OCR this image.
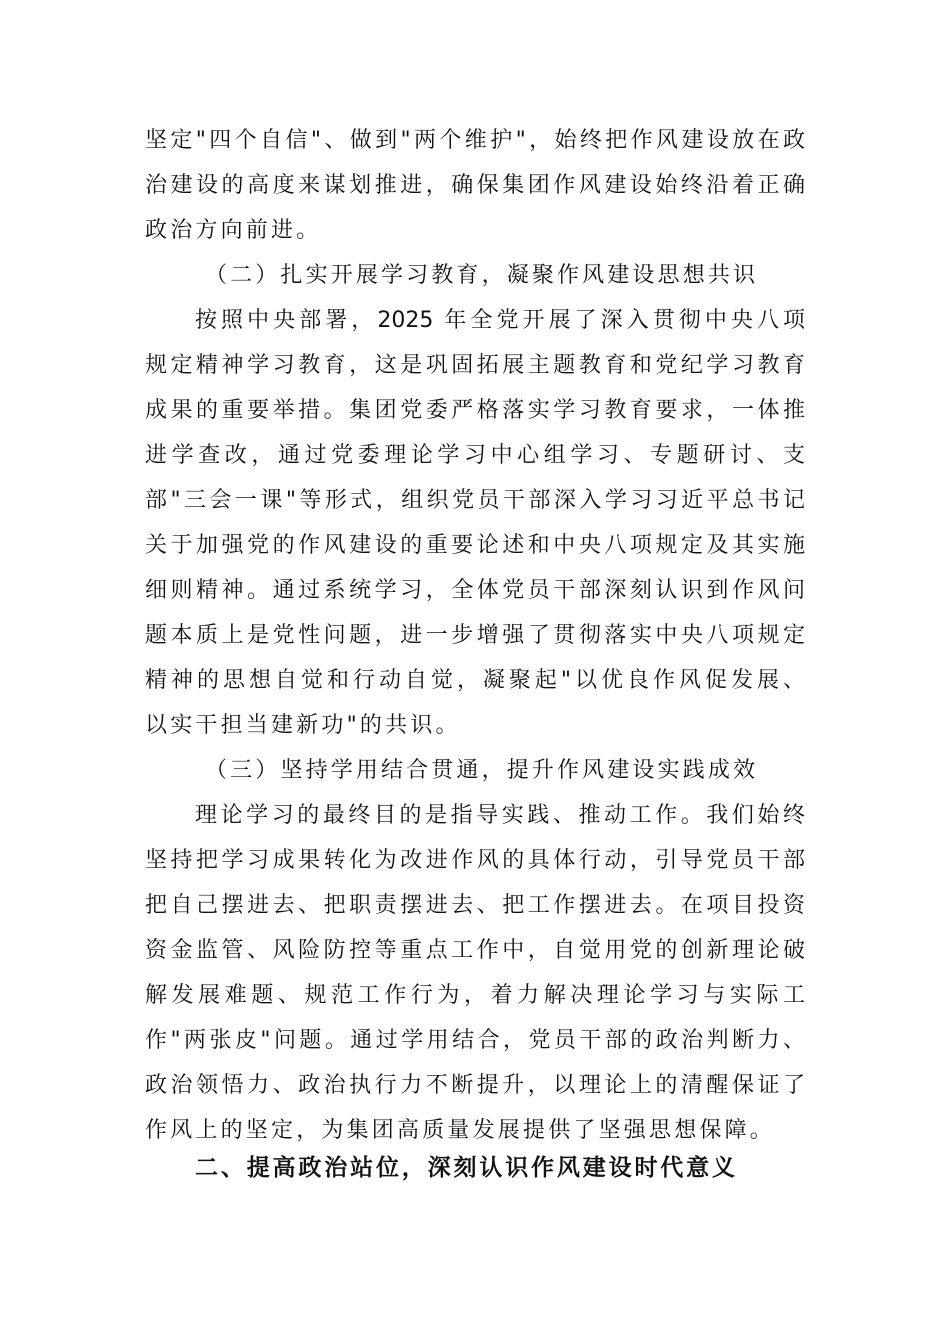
坚定"四个自信"、做到"两个维护"，始终把作风建设放在政
治建设的高度来谋划推进，确保集团作风建设始终沿着正确
政治方向前进。
（二）扎实开展学习教育，凝聚作风建设思想共识
按照中央部署，2025 年全党开展了深入贯彻中央八项
规定精神学习教育，这是巩固拓展主题教育和党纪学习教育
成果的重要举措。集团党委严格落实学习教育要求，一体推
进学查改，通过党委理论学习中心组学习、专题研讨、支
部"三会一课"等形式，组织党员干部深入学习习近平总书记
关于加强党的作风建设的重要论述和中央八项规定及其实施
细则精神。通过系统学习，全体党员干部深刻认识到作风问
题本质上是党性问题，进一步增强了贯彻落实中央八项规定
精神的思想自觉和行动自觉，凝聚起"以优良作风促发展、
以实干担当建新功"的共识。
（三）坚持学用结合贯通，提升作风建设实践成效
理论学习的最终目的是指导实践、推动工作。我们始终
坚持把学习成果转化为改进作风的具体行动，引导党员干部
把自己摆进去、把职责摆进去、把工作摆进去。在项目投资
资金监管、风险防控等重点工作中，自觉用党的创新理论破
解发展难题、规范工作行为，着力解决理论学习与实际工
作"两张皮"问题。通过学用结合，党员干部的政治判断力、
政治领悟力、政治执行力不断提升，以理论上的清醒保证了
作风上的坚定，为集团高质量发展提供了坚强思想保障。
二、提高政治站位，深刻认识作风建设时代意义
